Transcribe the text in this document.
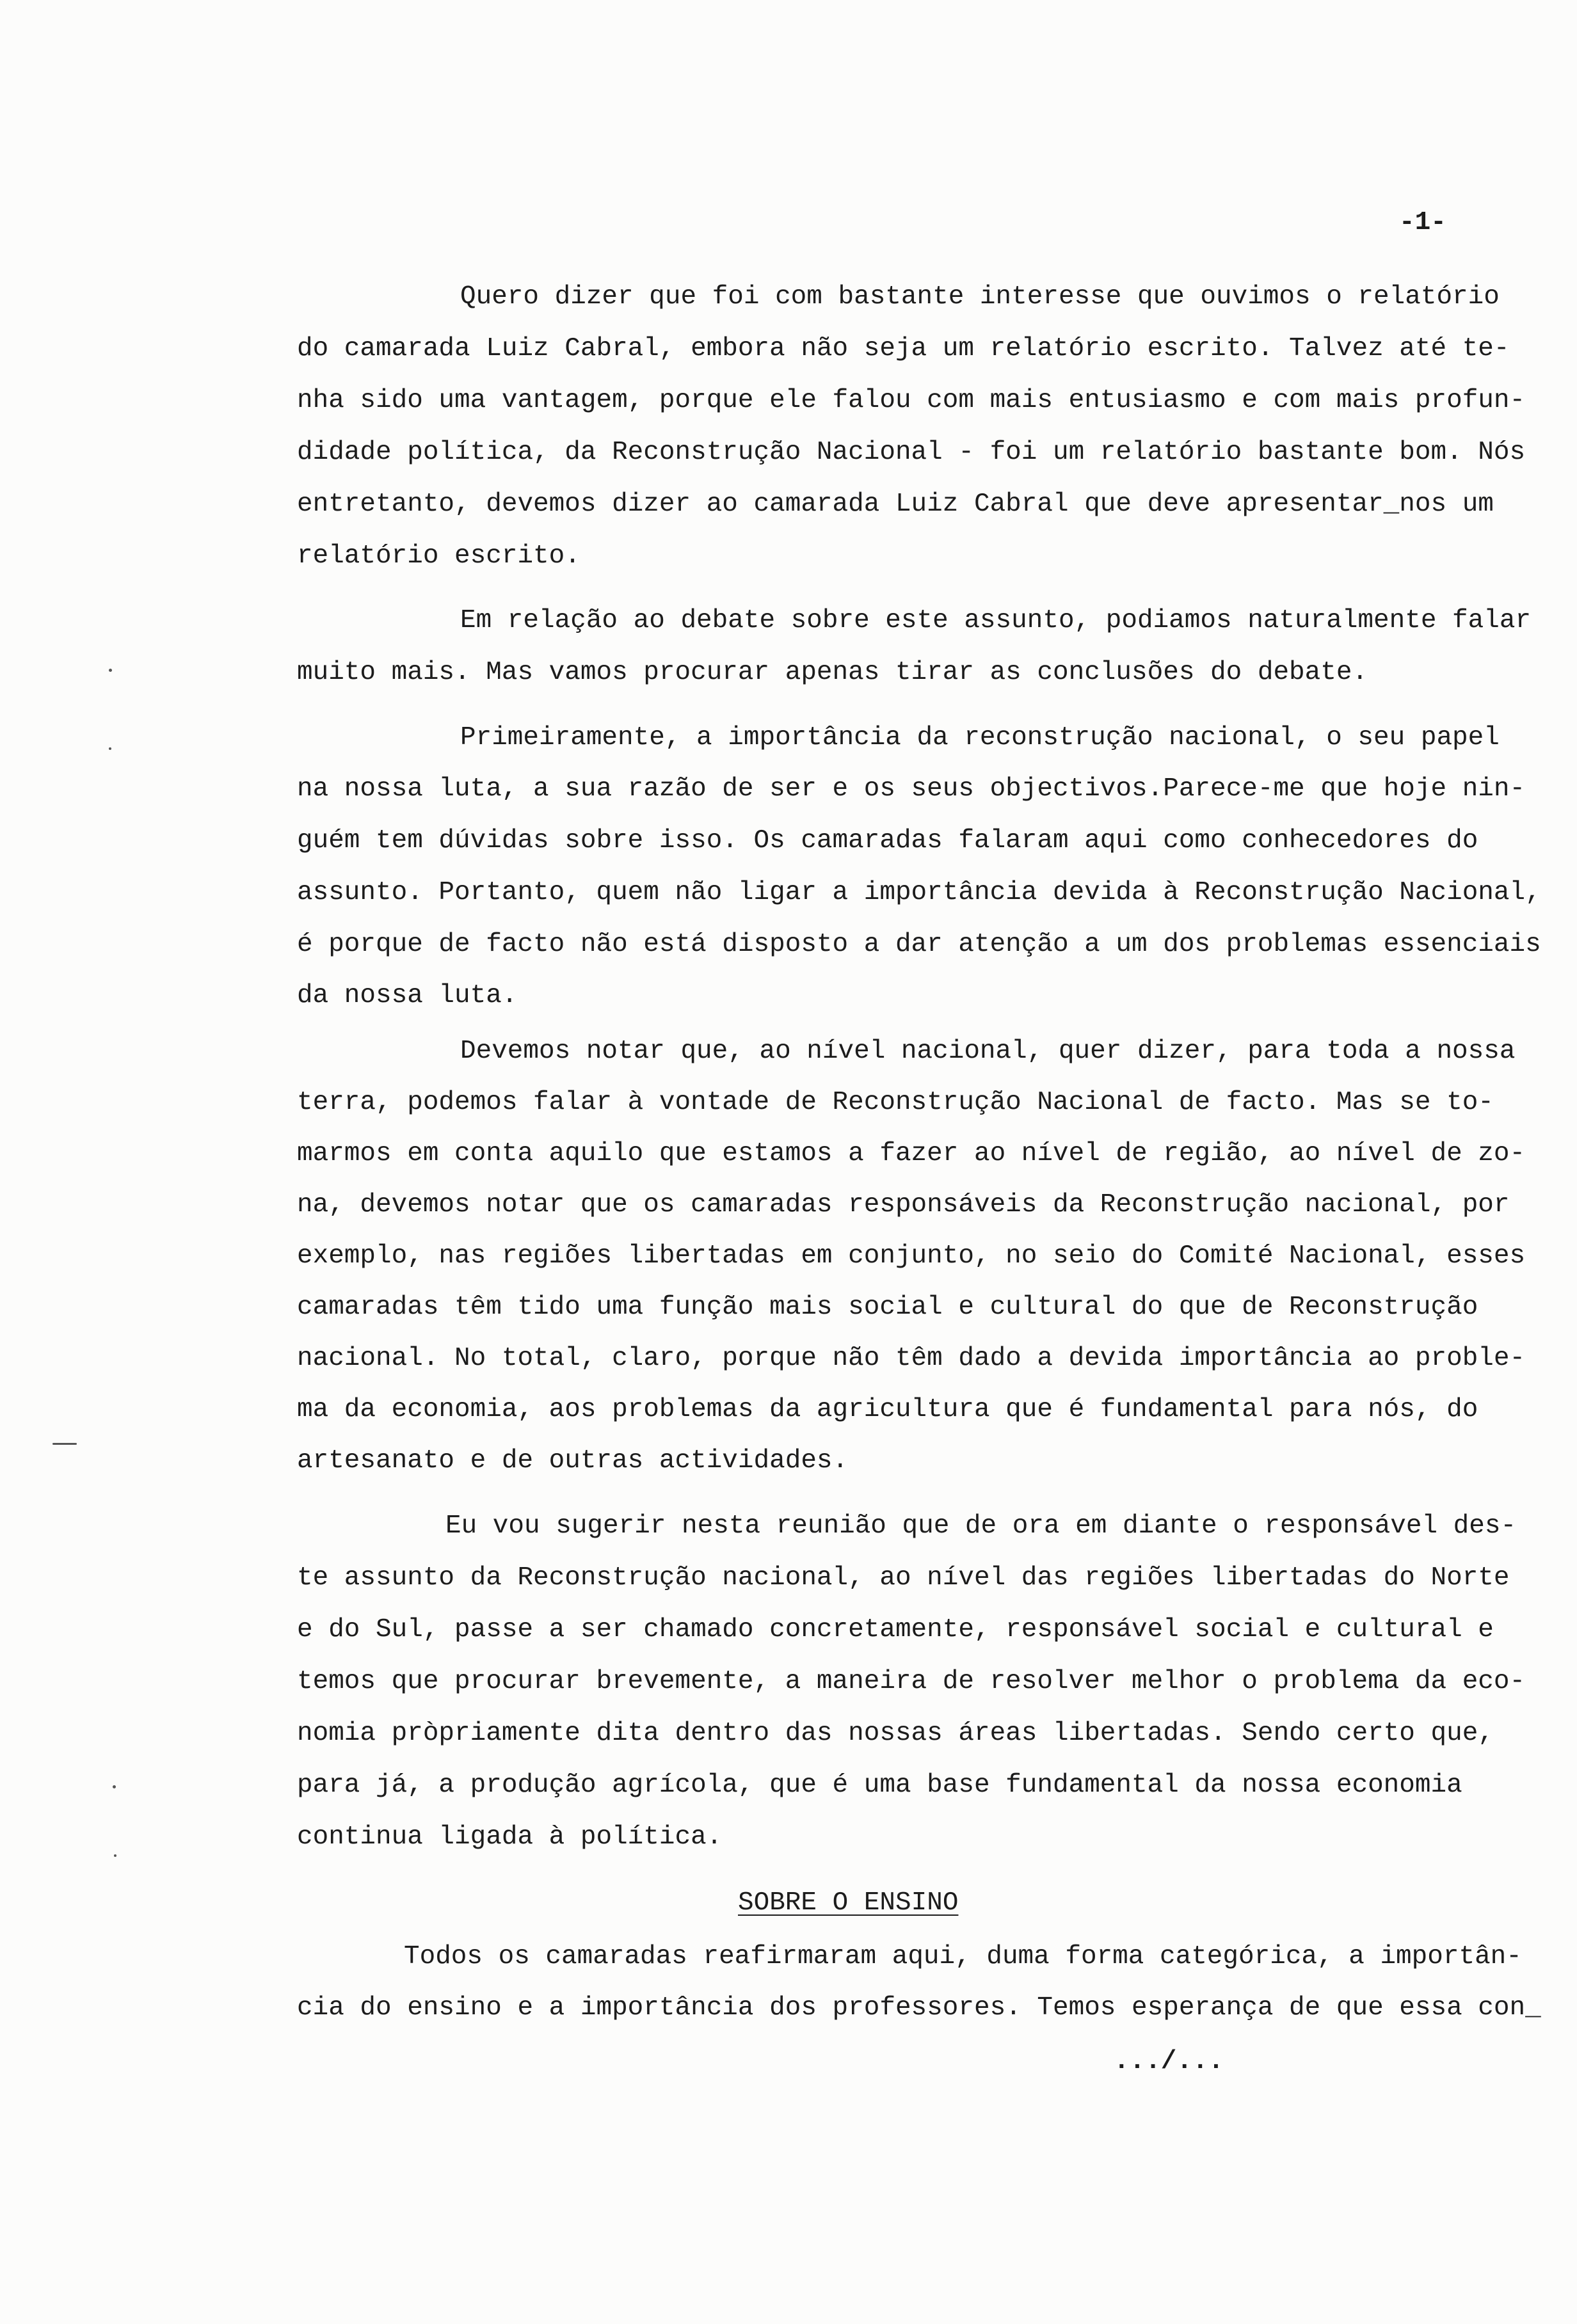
-1-
Quero dizer que foi com bastante interesse que ouvimos o relatório
do camarada Luiz Cabral, embora não seja um relatório escrito. Talvez até te-
nha sido uma vantagem, porque ele falou com mais entusiasmo e com mais profun-
didade política, da Reconstrução Nacional - foi um relatório bastante bom. Nós
entretanto, devemos dizer ao camarada Luiz Cabral que deve apresentar_nos um
relatório escrito.
Em relação ao debate sobre este assunto, podiamos naturalmente falar
muito mais. Mas vamos procurar apenas tirar as conclusões do debate.
Primeiramente, a importância da reconstrução nacional, o seu papel
na nossa luta, a sua razão de ser e os seus objectivos.Parece-me que hoje nin-
guém tem dúvidas sobre isso. Os camaradas falaram aqui como conhecedores do
assunto. Portanto, quem não ligar a importância devida à Reconstrução Nacional,
é porque de facto não está disposto a dar atenção a um dos problemas essenciais
da nossa luta.
Devemos notar que, ao nível nacional, quer dizer, para toda a nossa
terra, podemos falar à vontade de Reconstrução Nacional de facto. Mas se to-
marmos em conta aquilo que estamos a fazer ao nível de região, ao nível de zo-
na, devemos notar que os camaradas responsáveis da Reconstrução nacional, por
exemplo, nas regiões libertadas em conjunto, no seio do Comité Nacional, esses
camaradas têm tido uma função mais social e cultural do que de Reconstrução
nacional. No total, claro, porque não têm dado a devida importância ao proble-
ma da economia, aos problemas da agricultura que é fundamental para nós, do
artesanato e de outras actividades.
Eu vou sugerir nesta reunião que de ora em diante o responsável des-
te assunto da Reconstrução nacional, ao nível das regiões libertadas do Norte
e do Sul, passe a ser chamado concretamente, responsável social e cultural e
temos que procurar brevemente, a maneira de resolver melhor o problema da eco-
nomia pròpriamente dita dentro das nossas áreas libertadas. Sendo certo que,
para já, a produção agrícola, que é uma base fundamental da nossa economia
continua ligada à política.
SOBRE O ENSINO
Todos os camaradas reafirmaram aqui, duma forma categórica, a importân-
cia do ensino e a importância dos professores. Temos esperança de que essa con_
.../...
